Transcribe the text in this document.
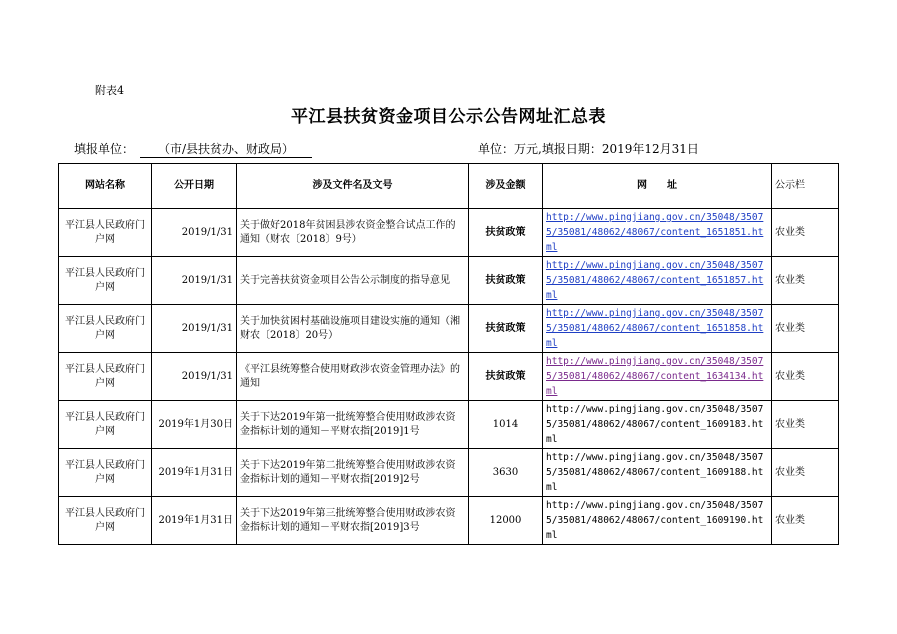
附表4
平江县扶贫资金项目公示公告网址汇总表
填报单位： （市/县扶贫办、财政局）	单位：万元,填报日期：2019年12月31日
网站名称	公开日期	涉及文件名及文号	涉及金额	网　　址	公示栏
平江县人民政府门户网	2019/1/31	关于做好2018年贫困县涉农资金整合试点工作的通知（财农〔2018〕9号）	扶贫政策	http://www.pingjiang.gov.cn/35048/35075/35081/48062/48067/content_1651851.html	农业类
平江县人民政府门户网	2019/1/31	关于完善扶贫资金项目公告公示制度的指导意见	扶贫政策	http://www.pingjiang.gov.cn/35048/35075/35081/48062/48067/content_1651857.html	农业类
平江县人民政府门户网	2019/1/31	关于加快贫困村基础设施项目建设实施的通知（湘财农〔2018〕20号）	扶贫政策	http://www.pingjiang.gov.cn/35048/35075/35081/48062/48067/content_1651858.html	农业类
平江县人民政府门户网	2019/1/31	《平江县统筹整合使用财政涉农资金管理办法》的通知	扶贫政策	http://www.pingjiang.gov.cn/35048/35075/35081/48062/48067/content_1634134.html	农业类
平江县人民政府门户网	2019年1月30日	关于下达2019年第一批统筹整合使用财政涉农资金指标计划的通知－平财农指[2019]1号	1014	http://www.pingjiang.gov.cn/35048/35075/35081/48062/48067/content_1609183.html	农业类
平江县人民政府门户网	2019年1月31日	关于下达2019年第二批统筹整合使用财政涉农资金指标计划的通知－平财农指[2019]2号	3630	http://www.pingjiang.gov.cn/35048/35075/35081/48062/48067/content_1609188.html	农业类
平江县人民政府门户网	2019年1月31日	关于下达2019年第三批统筹整合使用财政涉农资金指标计划的通知－平财农指[2019]3号	12000	http://www.pingjiang.gov.cn/35048/35075/35081/48062/48067/content_1609190.html	农业类
